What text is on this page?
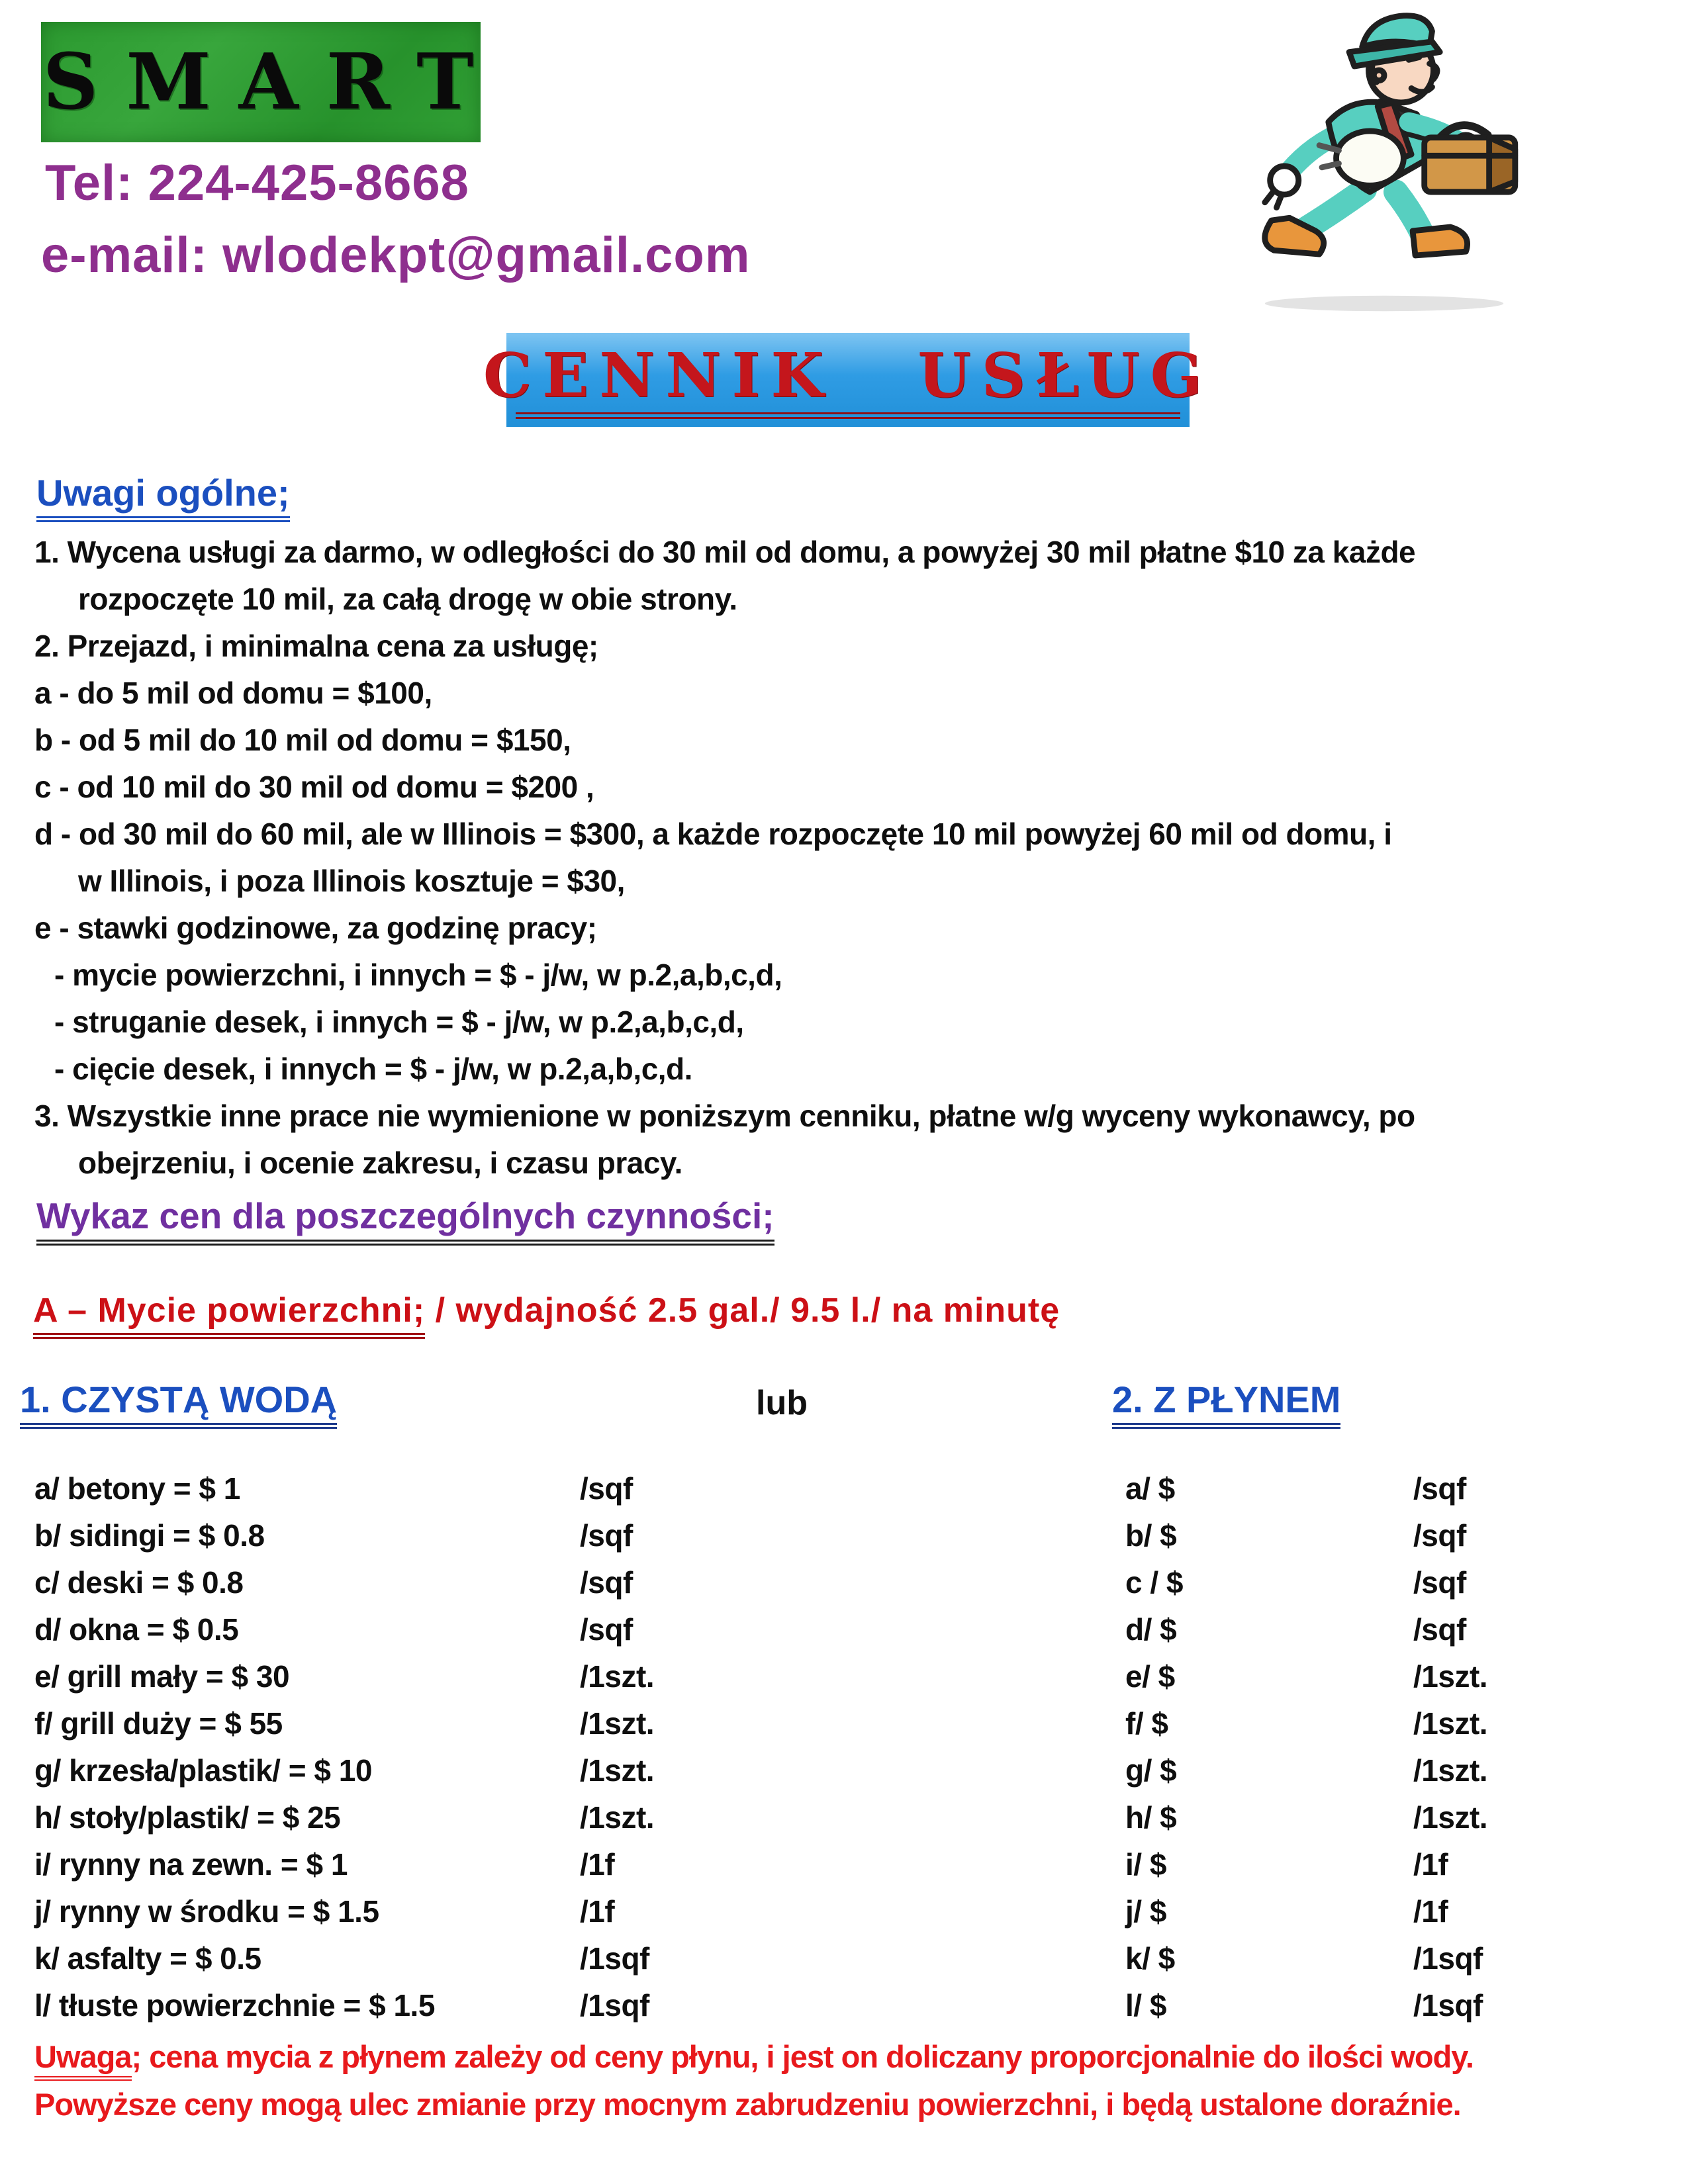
SMART
Tel: 224-425-8668
e-mail: wlodekpt@gmail.com
CENNIK USŁUG
Uwagi ogólne;
1. Wycena usługi za darmo, w odległości do 30 mil od domu, a powyżej 30 mil płatne $10 za każde
rozpoczęte 10 mil, za całą drogę w obie strony.
2. Przejazd, i minimalna cena za usługę;
a - do 5 mil od domu = $100,
b - od 5 mil do 10 mil od domu = $150,
c - od 10 mil do 30 mil od domu = $200 ,
d - od 30 mil do 60 mil, ale w Illinois = $300, a każde rozpoczęte 10 mil powyżej 60 mil od domu, i
w Illinois, i poza Illinois kosztuje = $30,
e - stawki godzinowe, za godzinę pracy;
- mycie powierzchni, i innych = $ - j/w, w p.2,a,b,c,d,
- struganie desek, i innych = $ - j/w, w p.2,a,b,c,d,
- cięcie desek, i innych = $ - j/w, w p.2,a,b,c,d.
3. Wszystkie inne prace nie wymienione w poniższym cenniku, płatne w/g wyceny wykonawcy, po
obejrzeniu, i ocenie zakresu, i czasu pracy.
Wykaz cen dla poszczególnych czynności;
A – Mycie powierzchni; / wydajność 2.5 gal./ 9.5 l./ na minutę
1. CZYSTĄ WODĄ	lub	2. Z PŁYNEM
a/ betony = $ 1
b/ sidingi = $ 0.8
c/ deski = $ 0.8
d/ okna = $ 0.5
e/ grill mały = $ 30
f/ grill duży = $ 55
g/ krzesła/plastik/ = $ 10
h/ stoły/plastik/ = $ 25
i/ rynny na zewn. = $ 1
j/ rynny w środku = $ 1.5
k/ asfalty = $ 0.5
l/ tłuste powierzchnie = $ 1.5
/sqf
/sqf
/sqf
/sqf
/1szt.
/1szt.
/1szt.
/1szt.
/1f
/1f
/1sqf
/1sqf
a/ $
b/ $
c / $
d/ $
e/ $
f/ $
g/ $
h/ $
i/ $
j/ $
k/ $
l/ $
/sqf
/sqf
/sqf
/sqf
/1szt.
/1szt.
/1szt.
/1szt.
/1f
/1f
/1sqf
/1sqf
Uwaga; cena mycia z płynem zależy od ceny płynu, i jest on doliczany proporcjonalnie do ilości wody.
Powyższe ceny mogą ulec zmianie przy mocnym zabrudzeniu powierzchni, i będą ustalone doraźnie.
